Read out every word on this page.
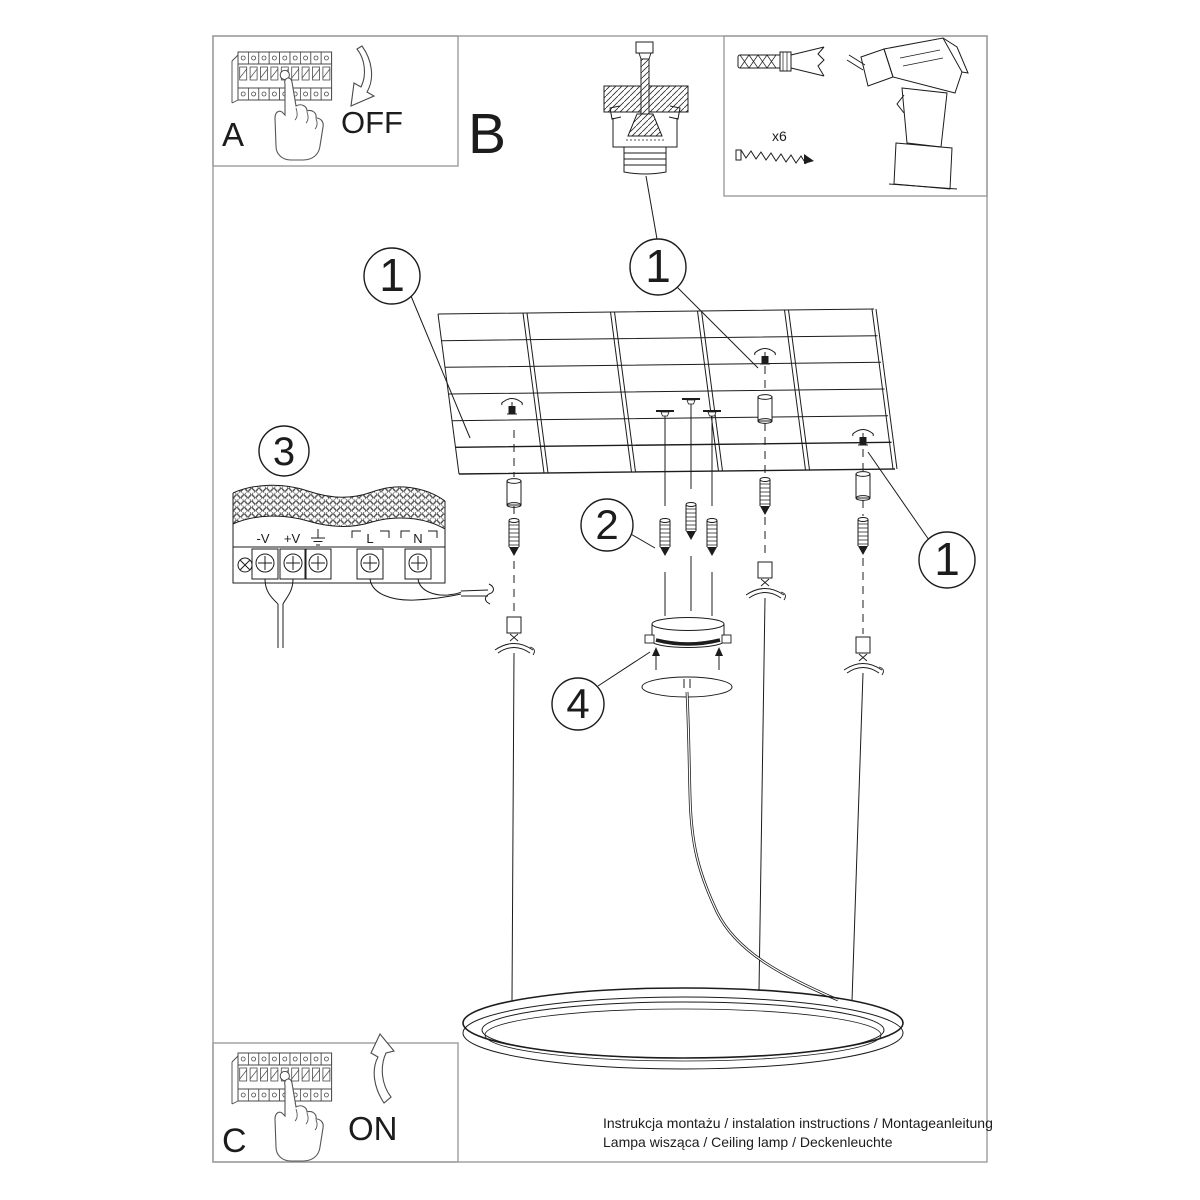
A	OFF B	x6
1	1
1
2
3
4
-V +V	L	N
C	ON	Instrukcja montażu / instalation instructions / Montageanleitung
Lampa wisząca / Ceiling lamp / Deckenleuchte
